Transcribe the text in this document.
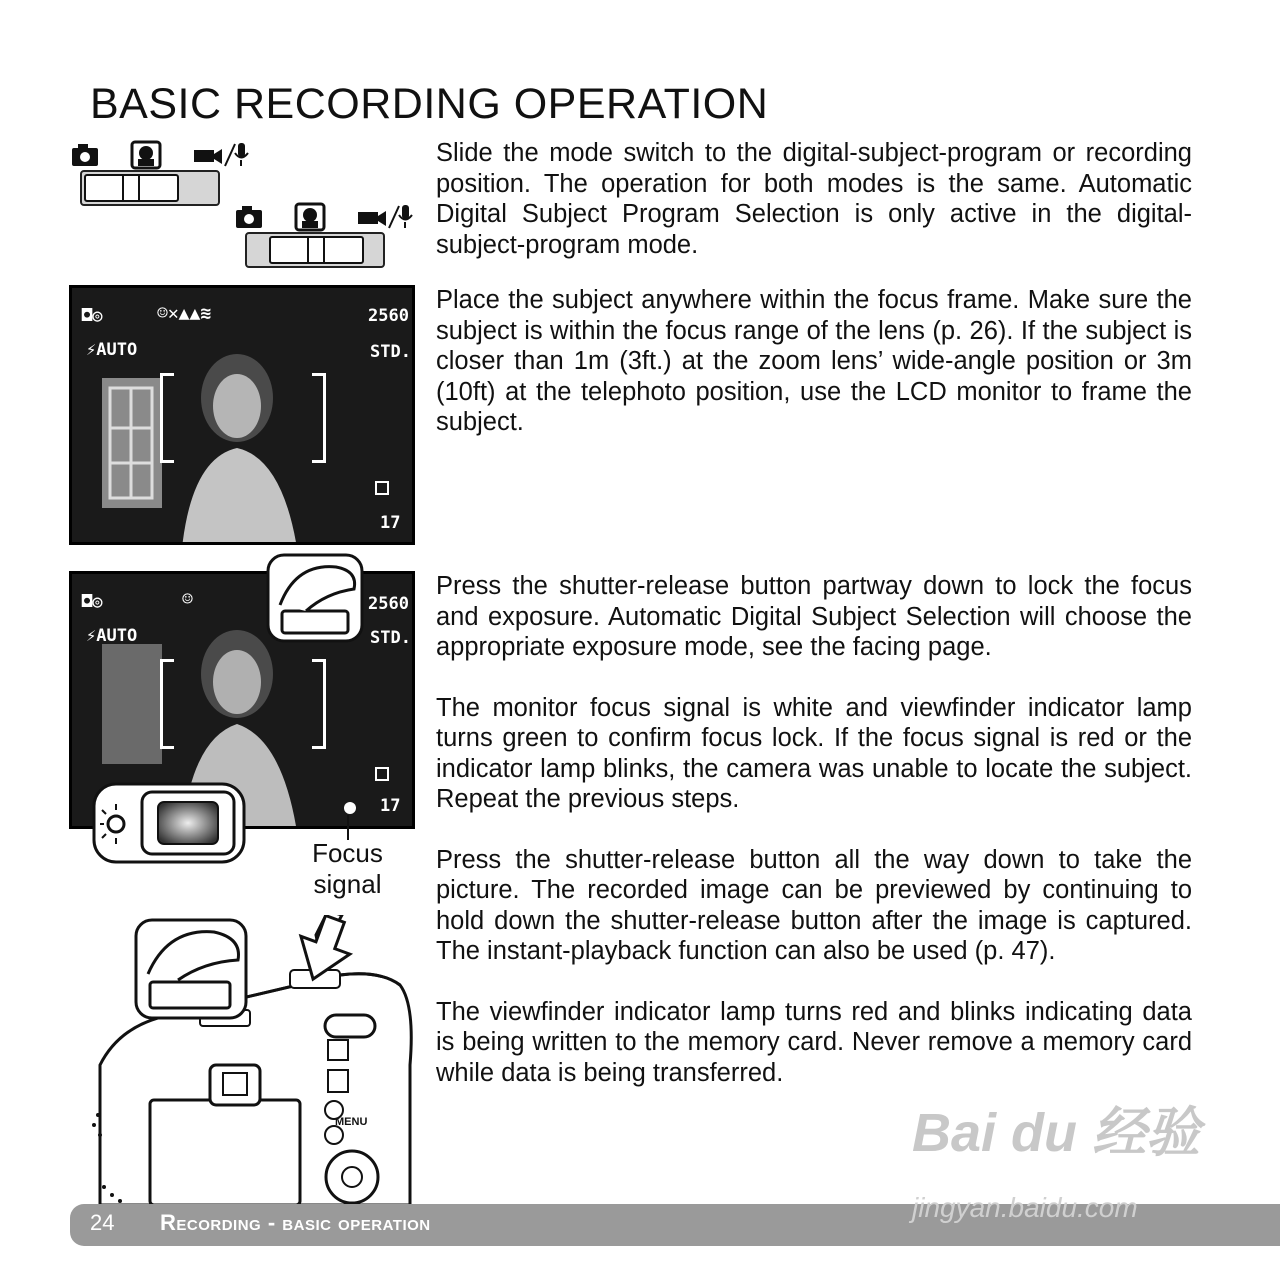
BASIC RECORDING OPERATION
◘◎	☺✕▲▲≋	2560
⚡AUTO	STD.
17
◘◎	☺	2560
⚡AUTO	STD.
17
Focus
signal
MENU

Slide the mode switch to the digital-subject-program or recording position. The operation for both modes is the same. Automatic Digital Subject Program Selection is only active in the digital-subject-program mode.

Place the subject anywhere within the focus frame. Make sure the subject is within the focus range of the lens (p. 26). If the subject is closer than 1m (3ft.) at the zoom lens’ wide-angle position or 3m (10ft) at the telephoto position, use the LCD monitor to frame the subject.

Press the shutter-release button partway down to lock the focus and exposure. Automatic Digital Subject Selection will choose the appropriate exposure mode, see the facing page.

The monitor focus signal is white and viewfinder indicator lamp turns green to confirm focus lock. If the focus signal is red or the indicator lamp blinks, the camera was unable to locate the subject. Repeat the previous steps.

Press the shutter-release button all the way down to take the picture. The recorded image can be previewed by continuing to hold down the shutter-release button after the image is captured. The instant-playback function can also be used (p. 47).

The viewfinder indicator lamp turns red and blinks indicating data is being written to the memory card. Never remove a memory card while data is being transferred.

Bai du 经验
24 Recording - basic operation	jingyan.baidu.com
